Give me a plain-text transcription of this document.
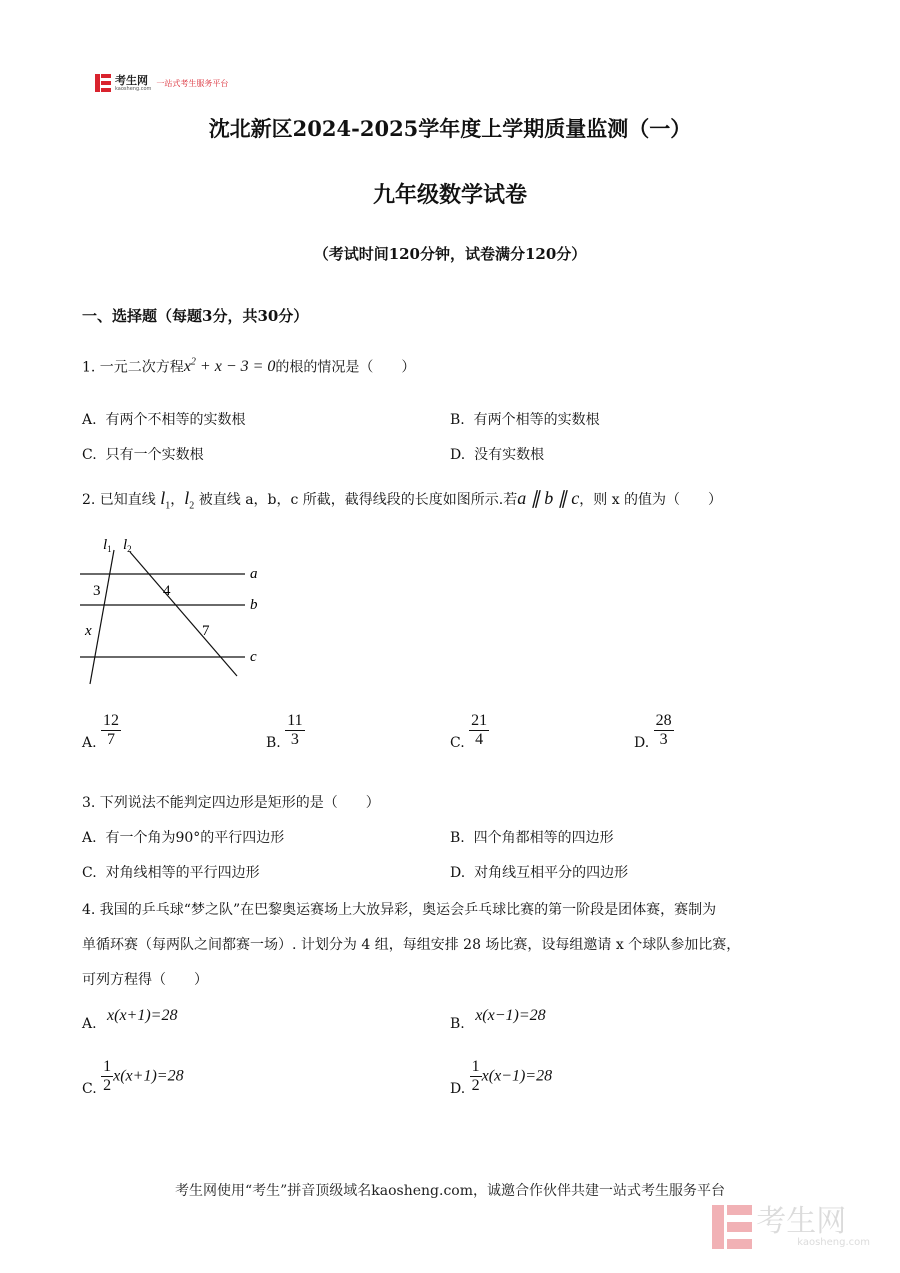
考生网
kaosheng.com
一站式考生服务平台
沈北新区2024-2025学年度上学期质量监测（一）
九年级数学试卷
（考试时间120分钟，试卷满分120分）
一、选择题（每题3分，共30分）
1. 一元二次方程$x^2 + x - 3 = 0$的根的情况是（　　）
A. 有两个不相等的实数根	B. 有两个相等的实数根
C. 只有一个实数根	D. 没有实数根
2. 已知直线 $l_1$，$l_2$ 被直线 a，b，c 所截，截得线段的长度如图所示.若a ∥ b ∥ c，则 x 的值为（　　）
$l_1$ $l_2$
a
b
c
3	4
x	7
A. $\frac{12}{7}$	B. $\frac{11}{3}$	C. $\frac{21}{4}$	D. $\frac{28}{3}$
3. 下列说法不能判定四边形是矩形的是（　　）
A. 有一个角为90°的平行四边形	B. 四个角都相等的四边形
C. 对角线相等的平行四边形	D. 对角线互相平分的四边形
4. 我国的乒乓球“梦之队”在巴黎奥运赛场上大放异彩，奥运会乒乓球比赛的第一阶段是团体赛，赛制为
单循环赛（每两队之间都赛一场）. 计划分为 4 组，每组安排 28 场比赛，设每组邀请 x 个球队参加比赛，
可列方程得（　　）
A. x(x+1)=28	B. x(x−1)=28
C. $\frac{1}{2} x(x+1)=28$
D. $\frac{1}{2} x(x-1)=28$
考生网使用“考生”拼音顶级域名kaosheng.com，诚邀合作伙伴共建一站式考生服务平台
考生网
kaosheng.com
